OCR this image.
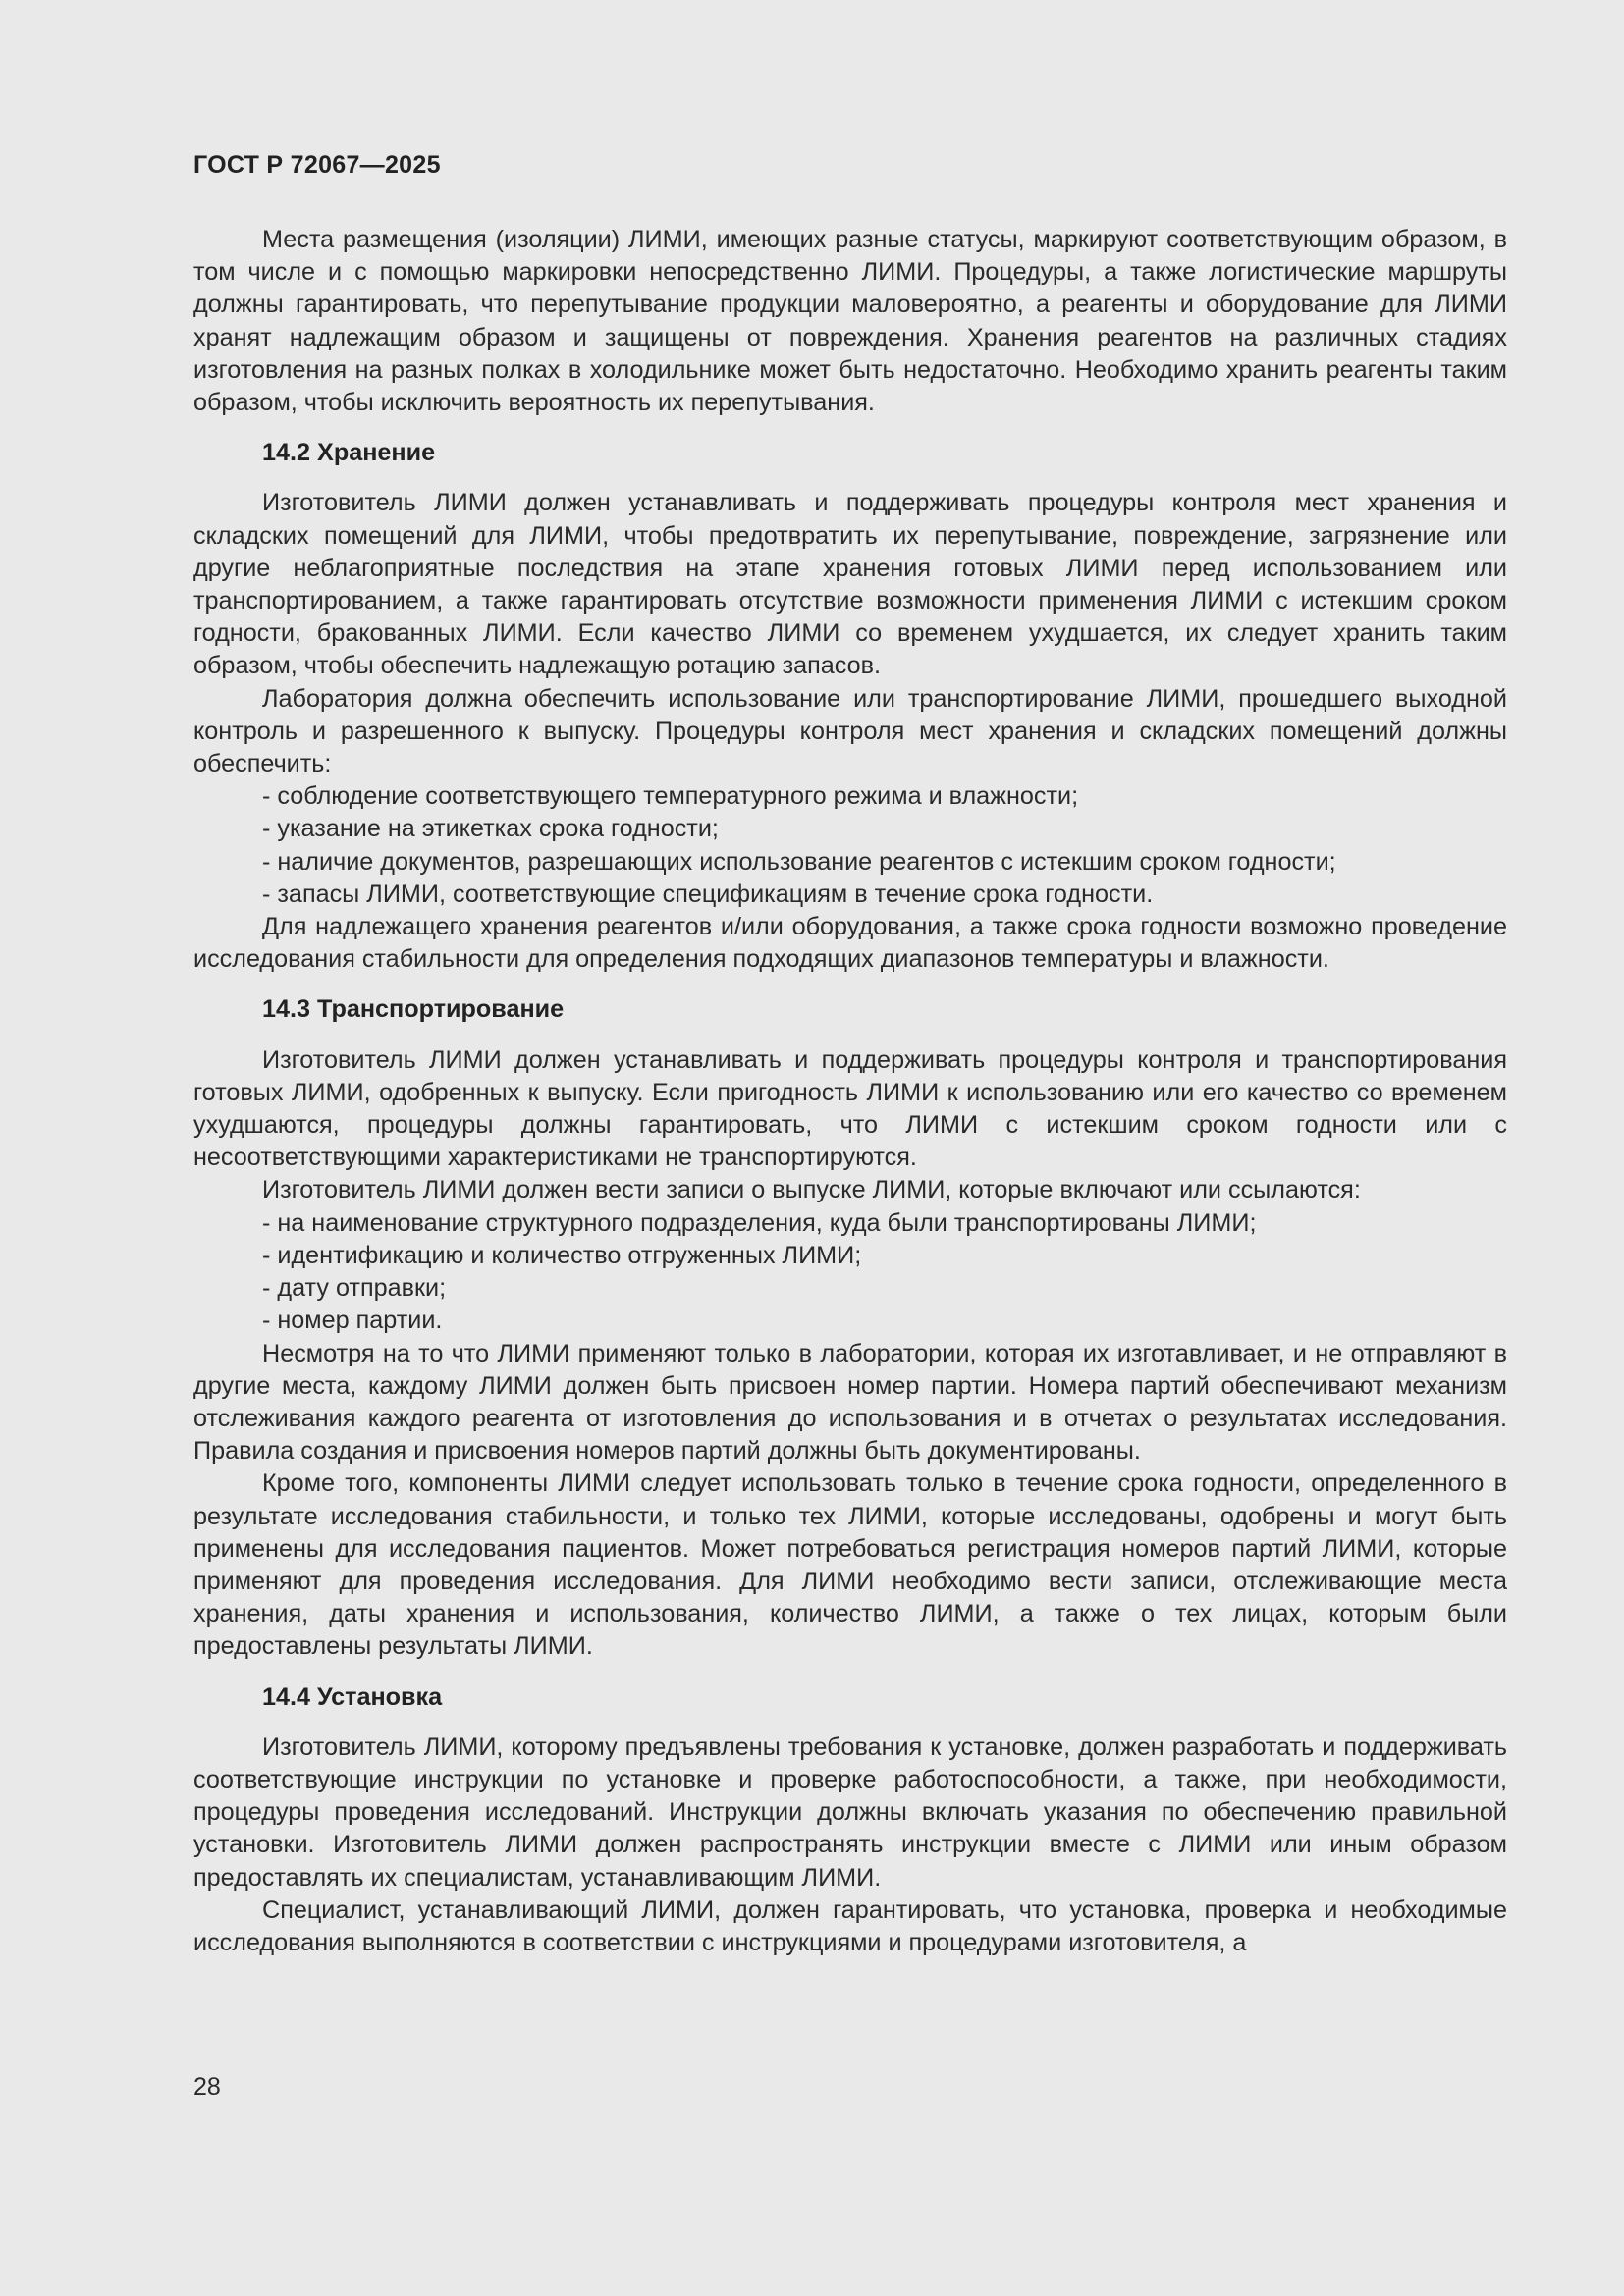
ГОСТ Р 72067—2025

Места размещения (изоляции) ЛИМИ, имеющих разные статусы, маркируют соответствующим образом, в том числе и с помощью маркировки непосредственно ЛИМИ. Процедуры, а также логистические маршруты должны гарантировать, что перепутывание продукции маловероятно, а реагенты и оборудование для ЛИМИ хранят надлежащим образом и защищены от повреждения. Хранения реагентов на различных стадиях изготовления на разных полках в холодильнике может быть недостаточно. Необходимо хранить реагенты таким образом, чтобы исключить вероятность их перепутывания.

14.2 Хранение

Изготовитель ЛИМИ должен устанавливать и поддерживать процедуры контроля мест хранения и складских помещений для ЛИМИ, чтобы предотвратить их перепутывание, повреждение, загрязнение или другие неблагоприятные последствия на этапе хранения готовых ЛИМИ перед использованием или транспортированием, а также гарантировать отсутствие возможности применения ЛИМИ с истекшим сроком годности, бракованных ЛИМИ. Если качество ЛИМИ со временем ухудшается, их следует хранить таким образом, чтобы обеспечить надлежащую ротацию запасов.

Лаборатория должна обеспечить использование или транспортирование ЛИМИ, прошедшего выходной контроль и разрешенного к выпуску. Процедуры контроля мест хранения и складских помещений должны обеспечить:

- соблюдение соответствующего температурного режима и влажности;

- указание на этикетках срока годности;

- наличие документов, разрешающих использование реагентов с истекшим сроком годности;

- запасы ЛИМИ, соответствующие спецификациям в течение срока годности.

Для надлежащего хранения реагентов и/или оборудования, а также срока годности возможно проведение исследования стабильности для определения подходящих диапазонов температуры и влажности.

14.3 Транспортирование

Изготовитель ЛИМИ должен устанавливать и поддерживать процедуры контроля и транспортирования готовых ЛИМИ, одобренных к выпуску. Если пригодность ЛИМИ к использованию или его качество со временем ухудшаются, процедуры должны гарантировать, что ЛИМИ с истекшим сроком годности или с несоответствующими характеристиками не транспортируются.

Изготовитель ЛИМИ должен вести записи о выпуске ЛИМИ, которые включают или ссылаются:

- на наименование структурного подразделения, куда были транспортированы ЛИМИ;

- идентификацию и количество отгруженных ЛИМИ;

- дату отправки;

- номер партии.

Несмотря на то что ЛИМИ применяют только в лаборатории, которая их изготавливает, и не отправляют в другие места, каждому ЛИМИ должен быть присвоен номер партии. Номера партий обеспечивают механизм отслеживания каждого реагента от изготовления до использования и в отчетах о результатах исследования. Правила создания и присвоения номеров партий должны быть документированы.

Кроме того, компоненты ЛИМИ следует использовать только в течение срока годности, определенного в результате исследования стабильности, и только тех ЛИМИ, которые исследованы, одобрены и могут быть применены для исследования пациентов. Может потребоваться регистрация номеров партий ЛИМИ, которые применяют для проведения исследования. Для ЛИМИ необходимо вести записи, отслеживающие места хранения, даты хранения и использования, количество ЛИМИ, а также о тех лицах, которым были предоставлены результаты ЛИМИ.

14.4 Установка

Изготовитель ЛИМИ, которому предъявлены требования к установке, должен разработать и поддерживать соответствующие инструкции по установке и проверке работоспособности, а также, при необходимости, процедуры проведения исследований. Инструкции должны включать указания по обеспечению правильной установки. Изготовитель ЛИМИ должен распространять инструкции вместе с ЛИМИ или иным образом предоставлять их специалистам, устанавливающим ЛИМИ.

Специалист, устанавливающий ЛИМИ, должен гарантировать, что установка, проверка и необходимые исследования выполняются в соответствии с инструкциями и процедурами изготовителя, а

28
